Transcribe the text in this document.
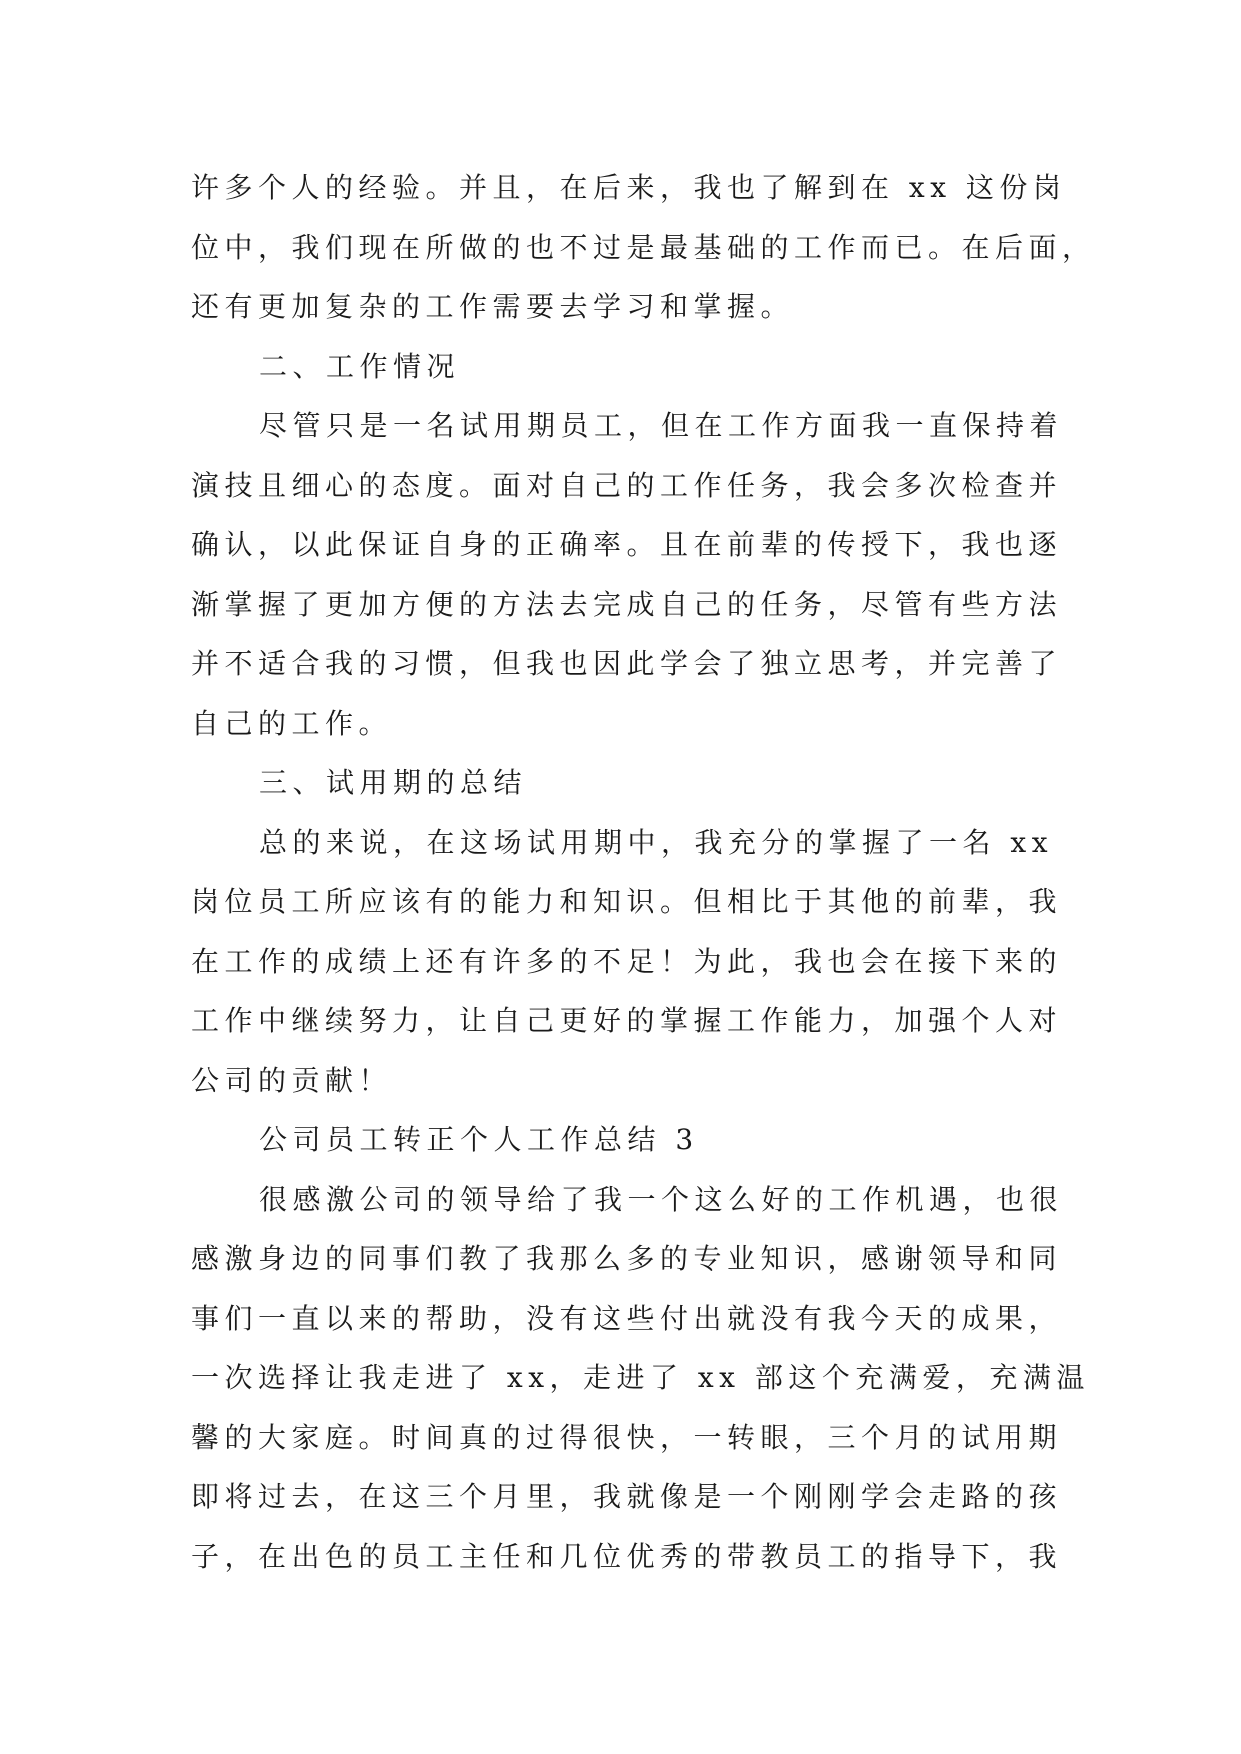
许多个人的经验。并且，在后来，我也了解到在 xx 这份岗

位中，我们现在所做的也不过是最基础的工作而已。在后面，

还有更加复杂的工作需要去学习和掌握。

二、工作情况

尽管只是一名试用期员工，但在工作方面我一直保持着

演技且细心的态度。面对自己的工作任务，我会多次检查并

确认，以此保证自身的正确率。且在前辈的传授下，我也逐

渐掌握了更加方便的方法去完成自己的任务，尽管有些方法

并不适合我的习惯，但我也因此学会了独立思考，并完善了

自己的工作。

三、试用期的总结

总的来说，在这场试用期中，我充分的掌握了一名 xx

岗位员工所应该有的能力和知识。但相比于其他的前辈，我

在工作的成绩上还有许多的不足！为此，我也会在接下来的

工作中继续努力，让自己更好的掌握工作能力，加强个人对

公司的贡献！

公司员工转正个人工作总结 3

很感激公司的领导给了我一个这么好的工作机遇，也很

感激身边的同事们教了我那么多的专业知识，感谢领导和同

事们一直以来的帮助，没有这些付出就没有我今天的成果，

一次选择让我走进了 xx，走进了 xx 部这个充满爱，充满温

馨的大家庭。时间真的过得很快，一转眼，三个月的试用期

即将过去，在这三个月里，我就像是一个刚刚学会走路的孩

子，在出色的员工主任和几位优秀的带教员工的指导下，我
